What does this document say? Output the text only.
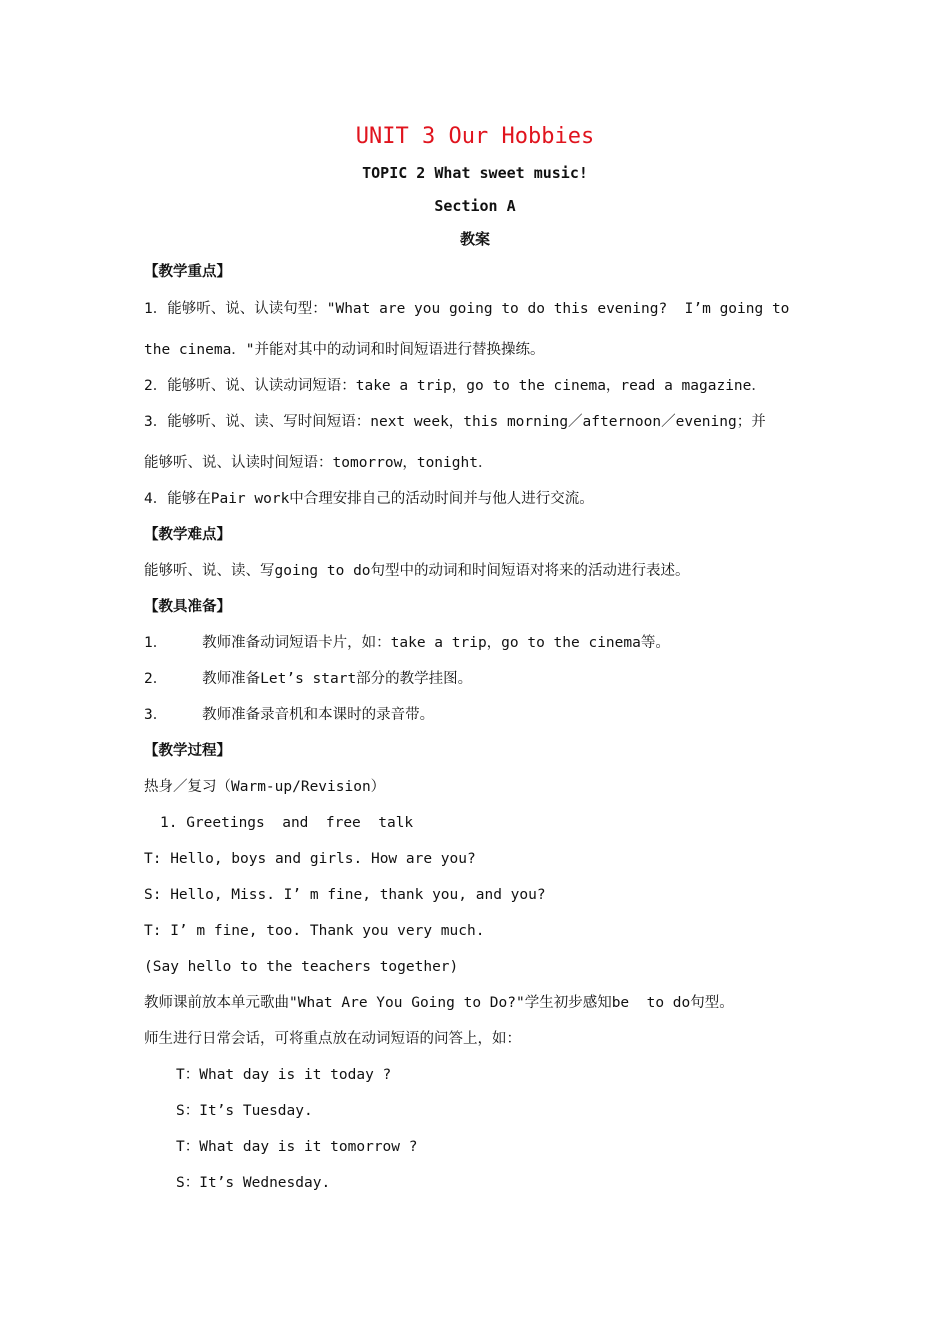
UNIT 3 Our Hobbies
TOPIC 2 What sweet music!
Section A
教案
【教学重点】
1．能够听、说、认读句型："What are you going to do this evening?  I’m going to
the cinema．"并能对其中的动词和时间短语进行替换操练。
2．能够听、说、认读动词短语：take a trip，go to the cinema，read a magazine．
3．能够听、说、读、写时间短语：next week，this morning／afternoon／evening；并
能够听、说、认读时间短语：tomorrow，tonight．
4．能够在Pair work中合理安排自己的活动时间并与他人进行交流。
【教学难点】
能够听、说、读、写going to do句型中的动词和时间短语对将来的活动进行表述。
【教具准备】
1．    教师准备动词短语卡片，如：take a trip，go to the cinema等。
2．    教师准备Let’s start部分的教学挂图。
3．    教师准备录音机和本课时的录音带。
【教学过程】
热身／复习（Warm-up/Revision）
1. Greetings  and  free  talk
T: Hello, boys and girls. How are you?
S: Hello, Miss. I’ m fine, thank you, and you?
T: I’ m fine, too. Thank you very much.
(Say hello to the teachers together)
教师课前放本单元歌曲"What Are You Going to Do?"学生初步感知be  to do句型。
师生进行日常会话，可将重点放在动词短语的问答上，如：
T：What day is it today ?
S：It’s Tuesday.
T：What day is it tomorrow ?
S：It’s Wednesday.
